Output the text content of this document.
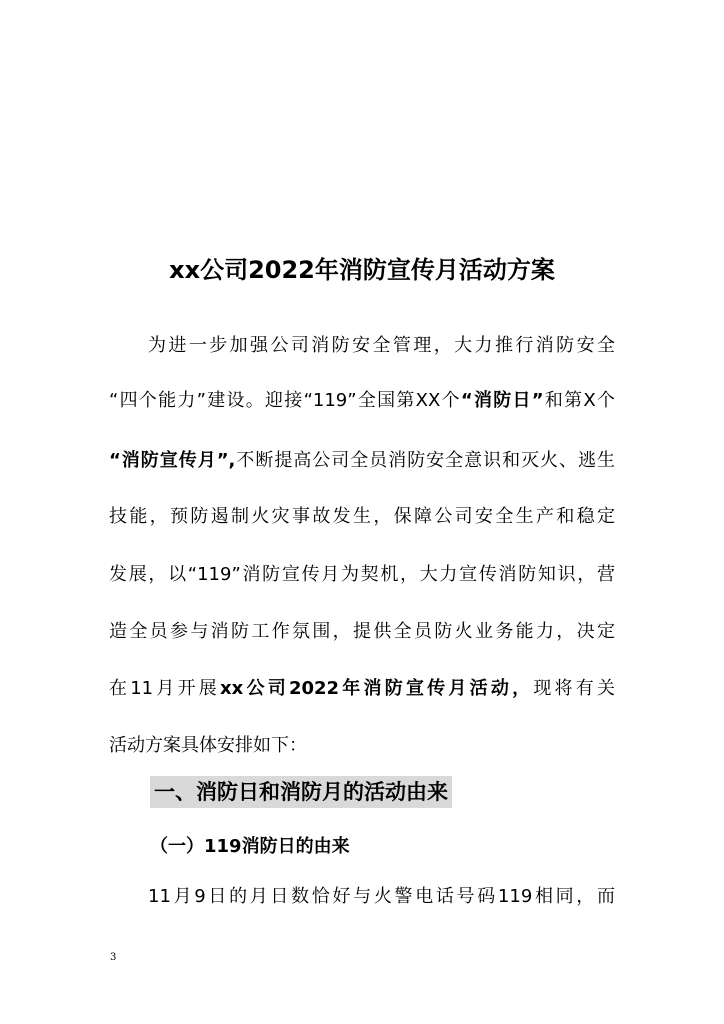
xx公司2022年消防宣传月活动方案
为进一步加强公司消防安全管理，大力推行消防安全
“四个能力”建设。迎接“119”全国第XX个“消防日”和第X个
“消防宣传月”,不断提高公司全员消防安全意识和灭火、逃生
技能，预防遏制火灾事故发生，保障公司安全生产和稳定
发展，以“119”消防宣传月为契机，大力宣传消防知识，营
造全员参与消防工作氛围，提供全员防火业务能力，决定
在11月开展xx公司2022年消防宣传月活动，现将有关
活动方案具体安排如下：
一、消防日和消防月的活动由来
（一）119消防日的由来
11月9日的月日数恰好与火警电话号码119相同，而
3
